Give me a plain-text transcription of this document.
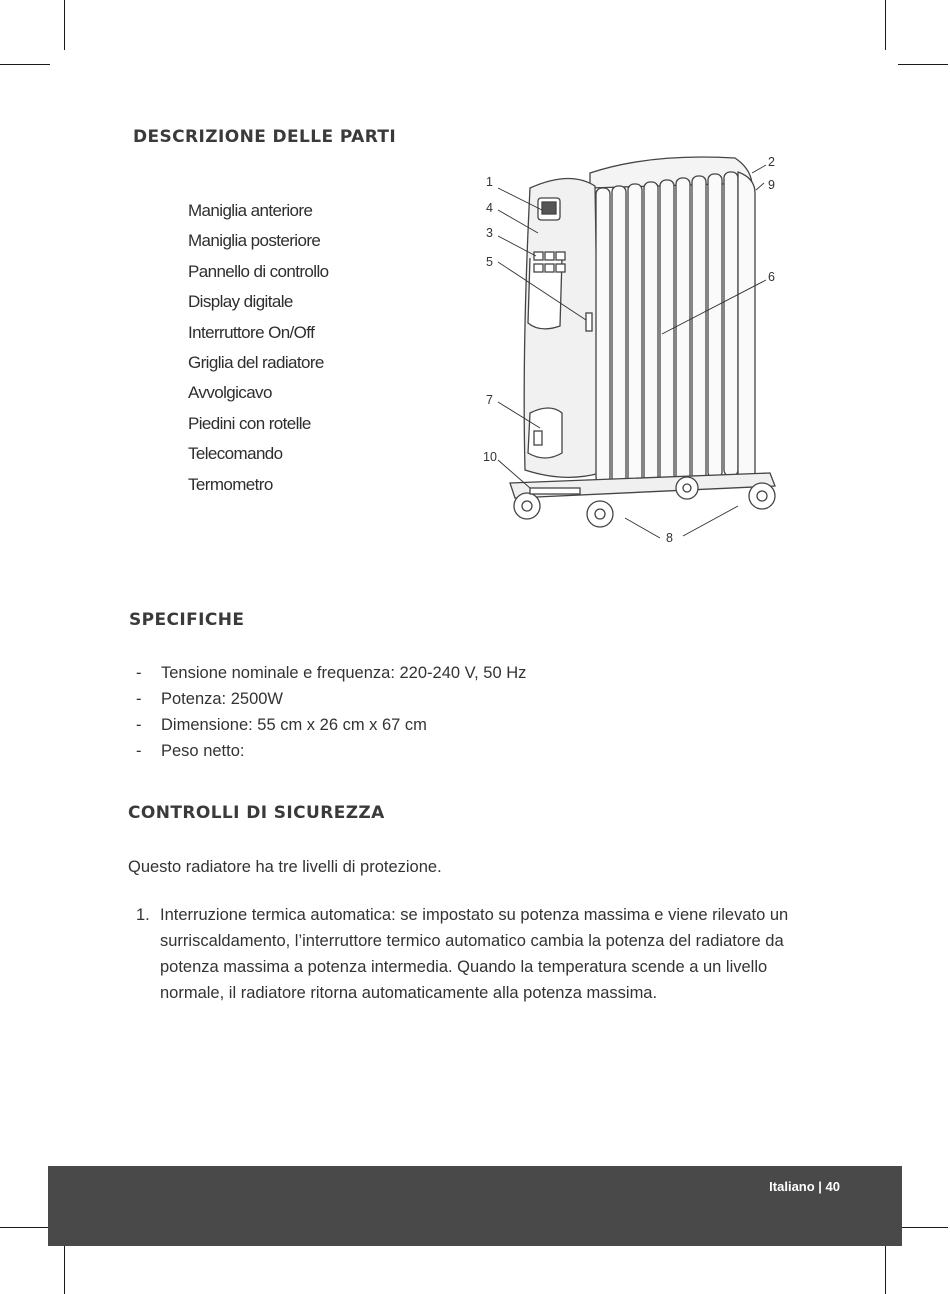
DESCRIZIONE DELLE PARTI
Maniglia anteriore
Maniglia posteriore
Pannello di controllo
Display digitale
Interruttore On/Off
Griglia del radiatore
Avvolgicavo
Piedini con rotelle
Telecomando
Termometro
1
4
3
5
2
9
6
7
10
8
SPECIFICHE
- Tensione nominale e frequenza: 220-240 V, 50 Hz
- Potenza: 2500W
- Dimensione: 55 cm x 26 cm x 67 cm
- Peso netto:
CONTROLLI DI SICUREZZA

Questo radiatore ha tre livelli di protezione.

1. Interruzione termica automatica: se impostato su potenza massima e viene rilevato un surriscaldamento, l’interruttore termico automatico cambia la potenza del radiatore da potenza massima a potenza intermedia. Quando la temperatura scende a un livello normale, il radiatore ritorna automaticamente alla potenza massima.
Italiano | 40
